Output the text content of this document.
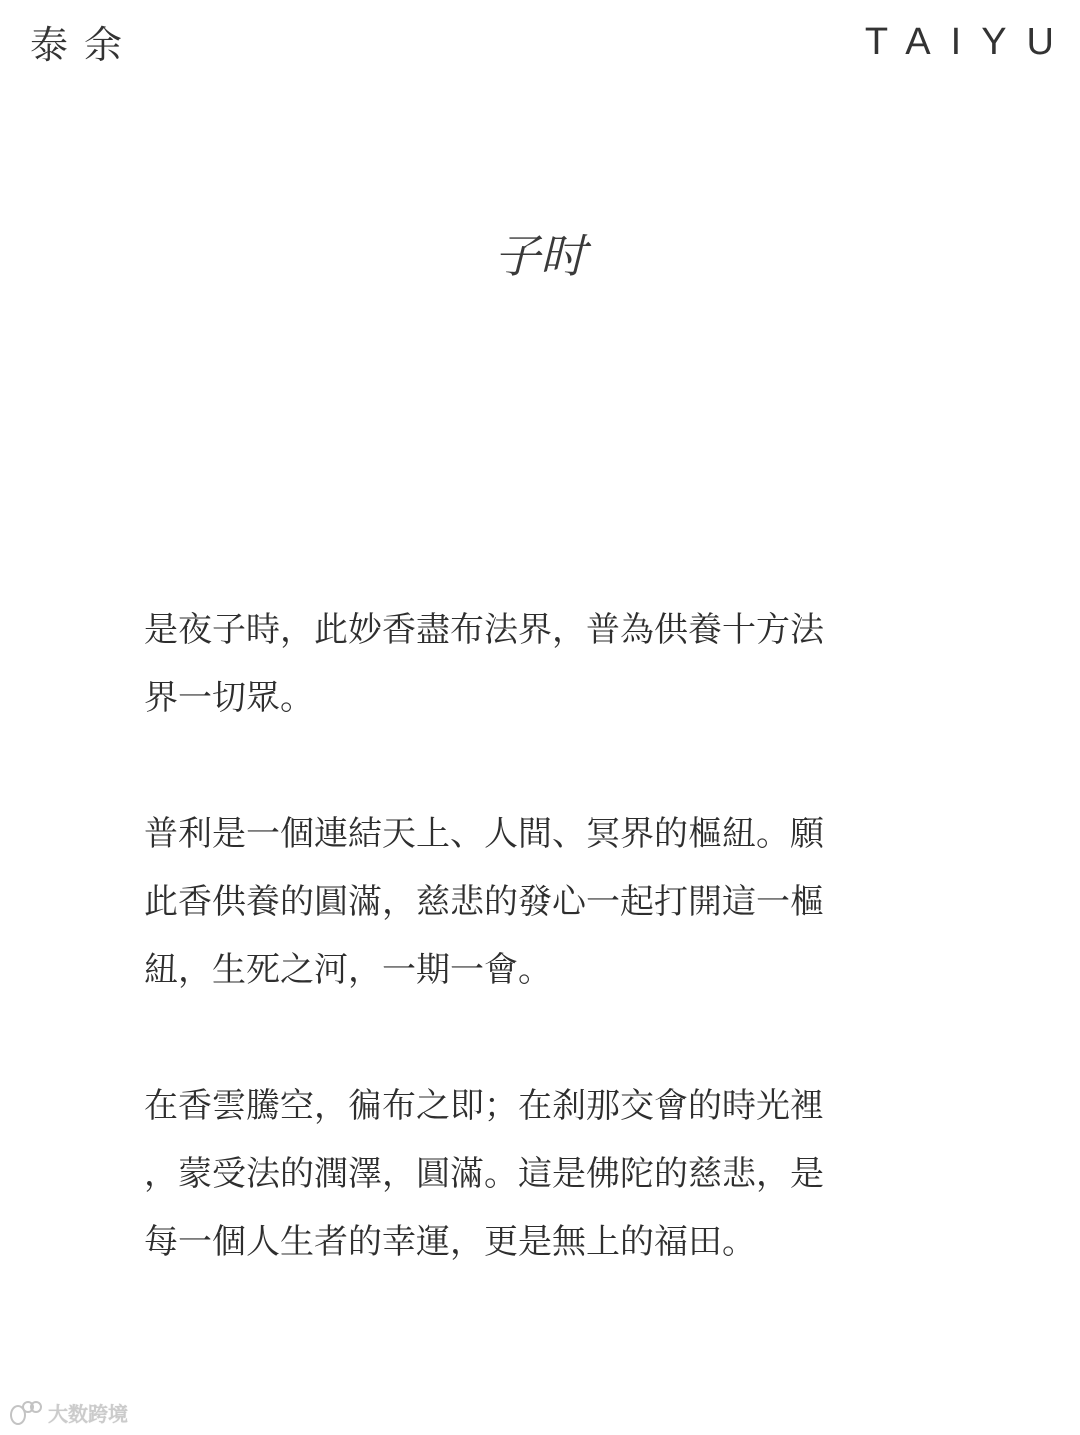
泰余	TAIYU
子时

是夜子時，此妙香盡布法界，普為供養十方法
界一切眾。

普利是一個連結天上、人間、冥界的樞紐。願
此香供養的圓滿，慈悲的發心一起打開這一樞
紐，生死之河，一期一會。

在香雲騰空，徧布之即；在刹那交會的時光裡
，蒙受法的潤澤，圓滿。這是佛陀的慈悲，是
每一個人生者的幸運，更是無上的福田。

大数跨境
